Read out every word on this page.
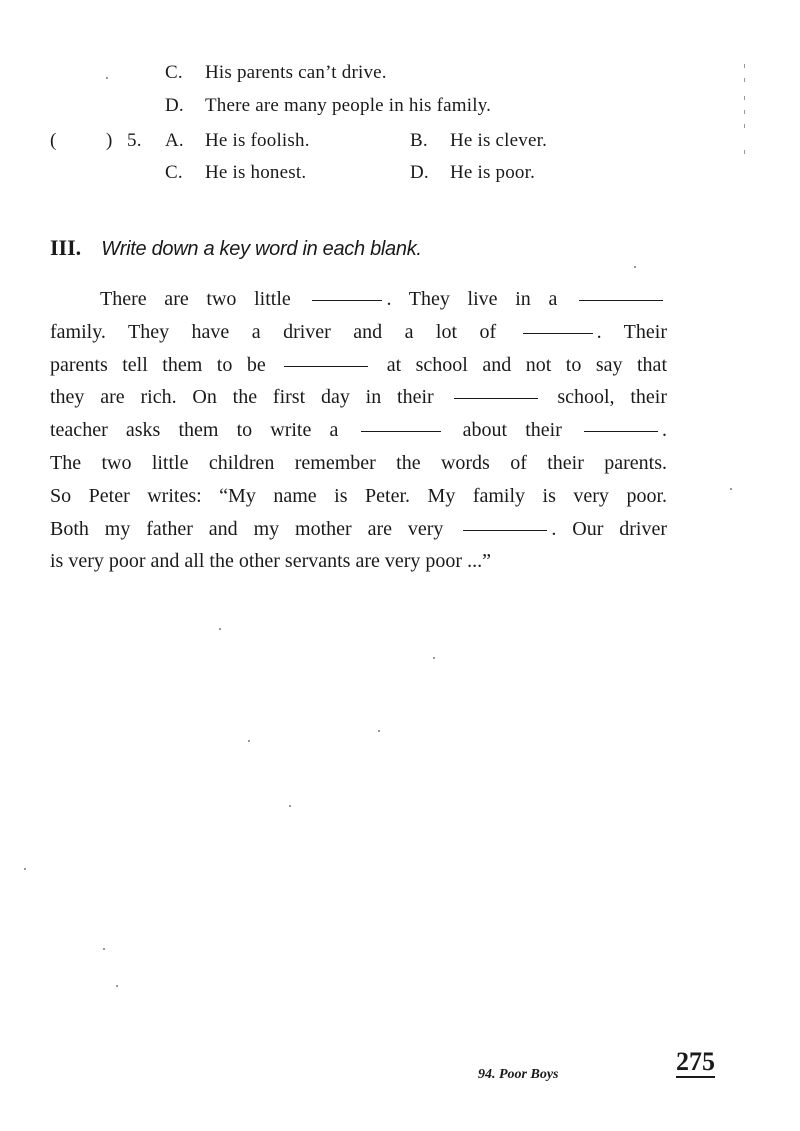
C. His parents can’t drive.
D. There are many people in his family.
(	) 5. A. He is foolish.	B. He is clever.
C. He is honest.	D. He is poor.
III. Write down a key word in each blank.
There are two little	. They live in a
family. They have a driver and a lot of	. Their
parents tell them to be	at school and not to say that
they are rich. On the first day in their	school, their
teacher asks them to write a	about their	.
The two little children remember the words of their parents.
So Peter writes: “My name is Peter. My family is very poor.
Both my father and my mother are very	. Our driver
is very poor and all the other servants are very poor ...”
94. Poor Boys	275
